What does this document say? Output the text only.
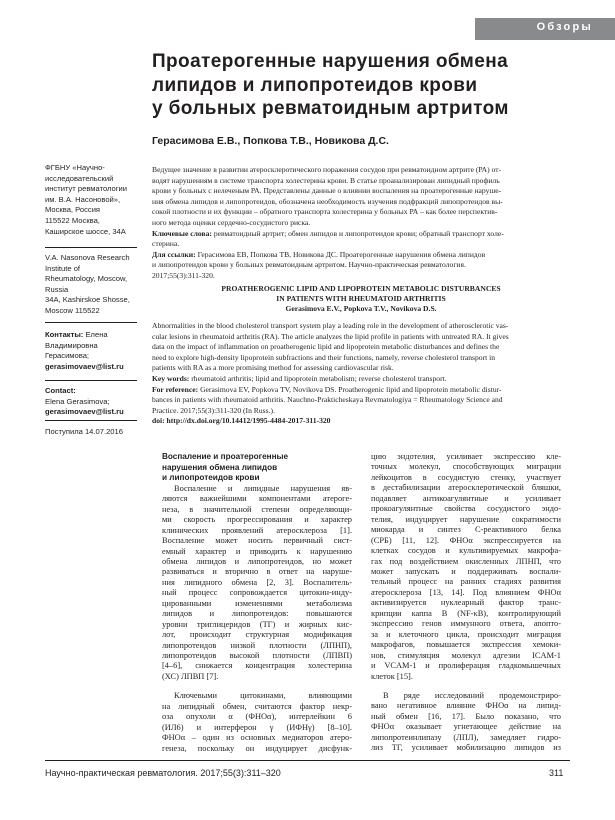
Обзоры
Проатерогенные нарушения обмена
липидов и липопротеидов крови
у больных ревматоидным артритом
Герасимова Е.В., Попкова Т.В., Новикова Д.С.
ФГБНУ «Научно-
исследовательский
институт ревматологии
им. В.А. Насоновой»,
Москва, Россия
115522 Москва,
Каширское шоссе, 34А
V.A. Nasonova Research
Institute of
Rheumatology, Moscow,
Russia
34A, Kashirskoe Shosse,
Moscow 115522
Контакты: Елена
Владимировна
Герасимова;
gerasimovaev@list.ru
Contact:
Elena Gerasimova;
gerasimovaev@list.ru
Поступила 14.07.2016
Ведущее значение в развитии атеросклеротического поражения сосудов при ревматоидном артрите (РА) от-
водят нарушениям в системе транспорта холестерина крови. В статье проанализирован липидный профиль
крови у больных с нелеченым РА. Представлены данные о влиянии воспаления на проатерогенные наруше-
ния обмена липидов и липопротеидов, обозначена необходимость изучения подфракций липопротеидов вы-
сокой плотности и их функции – обратного транспорта холестерина у больных РА – как более перспектив-
ного метода оценки сердечно-сосудистого риска.
Ключевые слова: ревматоидный артрит; обмен липидов и липопротеидов крови; обратный транспорт холе-
стерина.
Для ссылки: Герасимова ЕВ, Попкова ТВ, Новикова ДС. Проатерогенные нарушения обмена липидов
и липопротеидов крови у больных ревматоидным артритом. Научно-практическая ревматология.
2017;55(3):311-320.
PROATHEROGENIC LIPID AND LIPOPROTEIN METABOLIC DISTURBANCES
IN PATIENTS WITH RHEUMATOID ARTHRITIS
Gerasimova E.V., Popkova T.V., Novikova D.S.
Abnormalities in the blood cholesterol transport system play a leading role in the development of atherosclerotic vas-
cular lesions in rheumatoid arthritis (RA). The article analyzes the lipid profile in patients with untreated RA. It gives
data on the impact of inflammation on proatherogenic lipid and lipoprotein metabolic disturbances and defines the
need to explore high-density lipoprotein subfractions and their functions, namely, reverse cholesterol transport in
patients with RA as a more promising method for assessing cardiovascular risk.
Key words: rheumatoid arthritis; lipid and lipoprotein metabolism; reverse cholesterol transport.
For reference: Gerasimova EV, Popkova TV, Novikova DS. Proatherogenic lipid and lipoprotein metabolic distur-
bances in patients with rheumatoid arthritis. Nauchno-Prakticheskaya Revmatologiya = Rheumatology Science and
Practice. 2017;55(3):311-320 (In Russ.).
doi: http://dx.doi.org/10.14412/1995-4484-2017-311-320
Воспаление и проатерогенные
нарушения обмена липидов
и липопротеидов крови
Воспаление и липидные нарушения яв-
ляются важнейшими компонентами атероге-
неза, в значительной степени определяющи-
ми скорость прогрессирования и характер
клинических проявлений атеросклероза [1].
Воспаление может носить первичный сист-
емный характер и приводить к нарушению
обмена липидов и липопротеидов, но может
развиваться и вторично в ответ на наруше-
ния липидного обмена [2, 3]. Воспалитель-
ный процесс сопровождается цитокин-инду-
цированными изменениями метаболизма
липидов и липопротеидов: повышаются
уровни триглицеридов (ТГ) и жирных кис-
лот, происходит структурная модификация
липопротеидов низкой плотности (ЛПНП),
липопротеидов высокой плотности (ЛПВП)
[4–6], снижается концентрация холестерина
(ХС) ЛПВП [7].
Ключевыми цитокинами, влияющими
на липидный обмен, считаются фактор некр-
оза опухоли α (ФНОα), интерлейкин 6
(ИЛ6) и интерферон γ (ИФНγ) [8–10].
ФНОα – один из основных медиаторов атеро-
генеза, поскольку он индуцирует дисфунк-
цию эндотелия, усиливает экспрессию кле-
точных молекул, способствующих миграции
лейкоцитов в сосудистую стенку, участвует
в дестабилизации атеросклеротической бляшки,
подавляет антикоагулянтные и усиливает
прокоагулянтные свойства сосудистого эндо-
телия, индуцирует нарушение сократимости
миокарда и синтез С-реактивного белка
(СРБ) [11, 12]. ФНОα экспрессируется на
клетках сосудов и культивируемых макрофа-
гах под воздействием окисленных ЛПНП, что
может запускать и поддерживать воспали-
тельный процесс на ранних стадиях развития
атеросклероза [13, 14]. Под влиянием ФНОα
активизируется нуклеарный фактор транс-
крипции каппа B (NF-κB), контролирующий
экспрессию генов иммунного ответа, апопто-
за и клеточного цикла, происходит миграция
макрофагов, повышается экспрессия хемоки-
нов, стимуляция молекул адгезии ICAM-1
и VCAM-1 и пролиферация гладкомышечных
клеток [15].
В ряде исследований продемонстриро-
вано негативное влияние ФНОα на липид-
ный обмен [16, 17]. Было показано, что
ФНОα оказывает угнетающее действие на
липопротеинлипазу (ЛПЛ), замедляет гидро-
лиз ТГ, усиливает мобилизацию липидов из
Научно-практическая ревматология. 2017;55(3):311–320	311
